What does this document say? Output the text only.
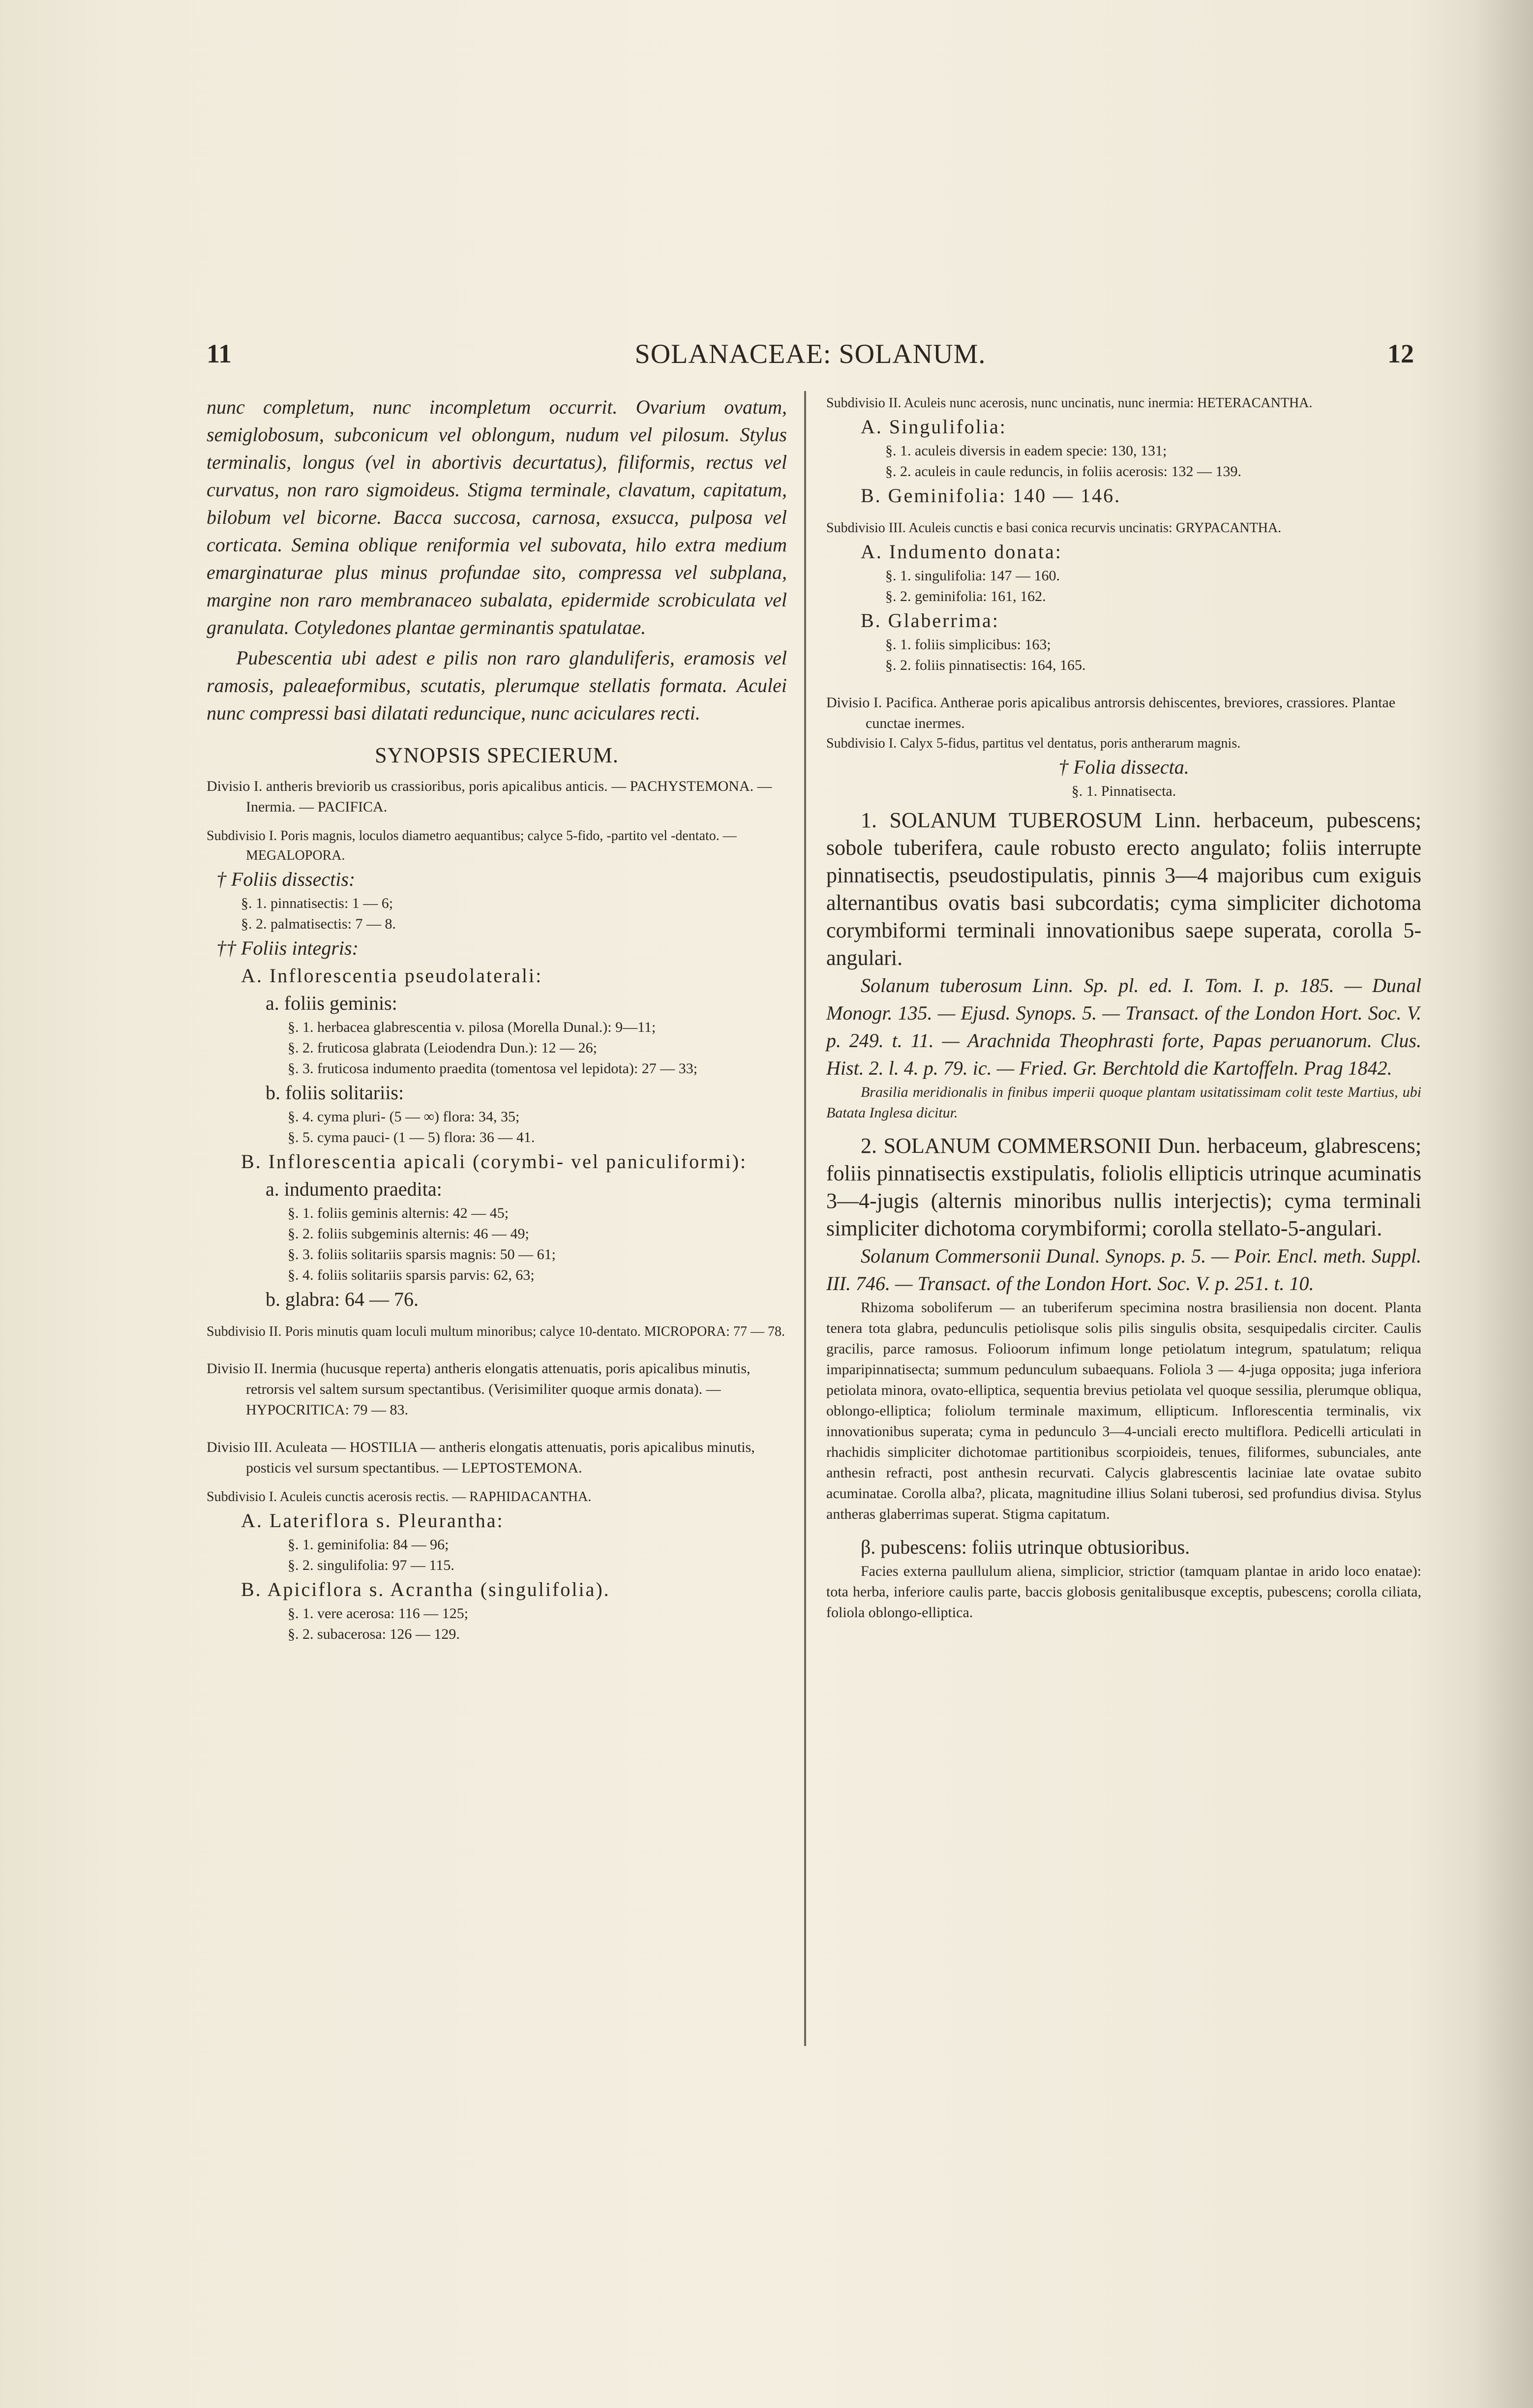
11	SOLANACEAE: SOLANUM.	12

nunc completum, nunc incompletum occurrit. Ovarium ovatum, semiglobosum, subconicum vel oblongum, nudum vel pilosum. Stylus terminalis, longus (vel in abortivis decurtatus), filiformis, rectus vel curvatus, non raro sigmoideus. Stigma terminale, clavatum, capitatum, bilobum vel bicorne. Bacca succosa, carnosa, exsucca, pulposa vel corticata. Semina oblique reniformia vel subovata, hilo extra medium emarginaturae plus minus profundae sito, compressa vel subplana, margine non raro membranaceo subalata, epidermide scrobiculata vel granulata. Cotyledones plantae germinantis spatulatae.

Pubescentia ubi adest e pilis non raro glanduliferis, eramosis vel ramosis, paleaeformibus, scutatis, plerumque stellatis formata. Aculei nunc compressi basi dilatati reduncique, nunc aciculares recti.

SYNOPSIS SPECIERUM.

Divisio I. antheris breviorib us crassioribus, poris apicalibus anticis. — PACHYSTEMONA. — Inermia. — PACIFICA.

Subdivisio I. Poris magnis, loculos diametro aequantibus; calyce 5-fido, -partito vel -dentato. — MEGALOPORA.

† Foliis dissectis:

§. 1. pinnatisectis: 1 — 6;

§. 2. palmatisectis: 7 — 8.

†† Foliis integris:

A. Inflorescentia pseudolaterali:

a. foliis geminis:

§. 1. herbacea glabrescentia v. pilosa (Morella Dunal.): 9—11;

§. 2. fruticosa glabrata (Leiodendra Dun.): 12 — 26;

§. 3. fruticosa indumento praedita (tomentosa vel lepidota): 27 — 33;

b. foliis solitariis:

§. 4. cyma pluri- (5 — ∞) flora: 34, 35;

§. 5. cyma pauci- (1 — 5) flora: 36 — 41.

B. Inflorescentia apicali (corymbi- vel paniculiformi):

a. indumento praedita:

§. 1. foliis geminis alternis: 42 — 45;

§. 2. foliis subgeminis alternis: 46 — 49;

§. 3. foliis solitariis sparsis magnis: 50 — 61;

§. 4. foliis solitariis sparsis parvis: 62, 63;

b. glabra: 64 — 76.

Subdivisio II. Poris minutis quam loculi multum minoribus; calyce 10-dentato. MICROPORA: 77 — 78.

Divisio II. Inermia (hucusque reperta) antheris elongatis attenuatis, poris apicalibus minutis, retrorsis vel saltem sursum spectantibus. (Verisimiliter quoque armis donata). — HYPOCRITICA: 79 — 83.

Divisio III. Aculeata — HOSTILIA — antheris elongatis attenuatis, poris apicalibus minutis, posticis vel sursum spectantibus. — LEPTOSTEMONA.

Subdivisio I. Aculeis cunctis acerosis rectis. — RAPHIDACANTHA.

A. Lateriflora s. Pleurantha:

§. 1. geminifolia: 84 — 96;

§. 2. singulifolia: 97 — 115.

B. Apiciflora s. Acrantha (singulifolia).

§. 1. vere acerosa: 116 — 125;

§. 2. subacerosa: 126 — 129.

Subdivisio II. Aculeis nunc acerosis, nunc uncinatis, nunc inermia: HETERACANTHA.

A. Singulifolia:

§. 1. aculeis diversis in eadem specie: 130, 131;

§. 2. aculeis in caule reduncis, in foliis acerosis: 132 — 139.

B. Geminifolia: 140 — 146.

Subdivisio III. Aculeis cunctis e basi conica recurvis uncinatis: GRYPACANTHA.

A. Indumento donata:

§. 1. singulifolia: 147 — 160.

§. 2. geminifolia: 161, 162.

B. Glaberrima:

§. 1. foliis simplicibus: 163;

§. 2. foliis pinnatisectis: 164, 165.

Divisio I. Pacifica. Antherae poris apicalibus antrorsis dehiscentes, breviores, crassiores. Plantae cunctae inermes.

Subdivisio I. Calyx 5-fidus, partitus vel dentatus, poris antherarum magnis.

† Folia dissecta.

§. 1. Pinnatisecta.

1. SOLANUM TUBEROSUM Linn. herbaceum, pubescens; sobole tuberifera, caule robusto erecto angulato; foliis interrupte pinnatisectis, pseudostipulatis, pinnis 3—4 majoribus cum exiguis alternantibus ovatis basi subcordatis; cyma simpliciter dichotoma corymbiformi terminali innovationibus saepe superata, corolla 5-angulari.

Solanum tuberosum Linn. Sp. pl. ed. I. Tom. I. p. 185. — Dunal Monogr. 135. — Ejusd. Synops. 5. — Transact. of the London Hort. Soc. V. p. 249. t. 11. — Arachnida Theophrasti forte, Papas peruanorum. Clus. Hist. 2. l. 4. p. 79. ic. — Fried. Gr. Berchtold die Kartoffeln. Prag 1842.

Brasilia meridionalis in finibus imperii quoque plantam usitatissimam colit teste Martius, ubi Batata Inglesa dicitur.

2. SOLANUM COMMERSONII Dun. herbaceum, glabrescens; foliis pinnatisectis exstipulatis, foliolis ellipticis utrinque acuminatis 3—4-jugis (alternis minoribus nullis interjectis); cyma terminali simpliciter dichotoma corymbiformi; corolla stellato-5-angulari.

Solanum Commersonii Dunal. Synops. p. 5. — Poir. Encl. meth. Suppl. III. 746. — Transact. of the London Hort. Soc. V. p. 251. t. 10.

Rhizoma soboliferum — an tuberiferum specimina nostra brasiliensia non docent. Planta tenera tota glabra, pedunculis petiolisque solis pilis singulis obsita, sesquipedalis circiter. Caulis gracilis, parce ramosus. Folioorum infimum longe petiolatum integrum, spatulatum; reliqua imparipinnatisecta; summum pedunculum subaequans. Foliola 3 — 4-juga opposita; juga inferiora petiolata minora, ovato-elliptica, sequentia brevius petiolata vel quoque sessilia, plerumque obliqua, oblongo-elliptica; foliolum terminale maximum, ellipticum. Inflorescentia terminalis, vix innovationibus superata; cyma in pedunculo 3—4-unciali erecto multiflora. Pedicelli articulati in rhachidis simpliciter dichotomae partitionibus scorpioideis, tenues, filiformes, subunciales, ante anthesin refracti, post anthesin recurvati. Calycis glabrescentis laciniae late ovatae subito acuminatae. Corolla alba?, plicata, magnitudine illius Solani tuberosi, sed profundius divisa. Stylus antheras glaberrimas superat. Stigma capitatum.

β. pubescens: foliis utrinque obtusioribus.

Facies externa paullulum aliena, simplicior, strictior (tamquam plantae in arido loco enatae): tota herba, inferiore caulis parte, baccis globosis genitalibusque exceptis, pubescens; corolla ciliata, foliola oblongo-elliptica.
